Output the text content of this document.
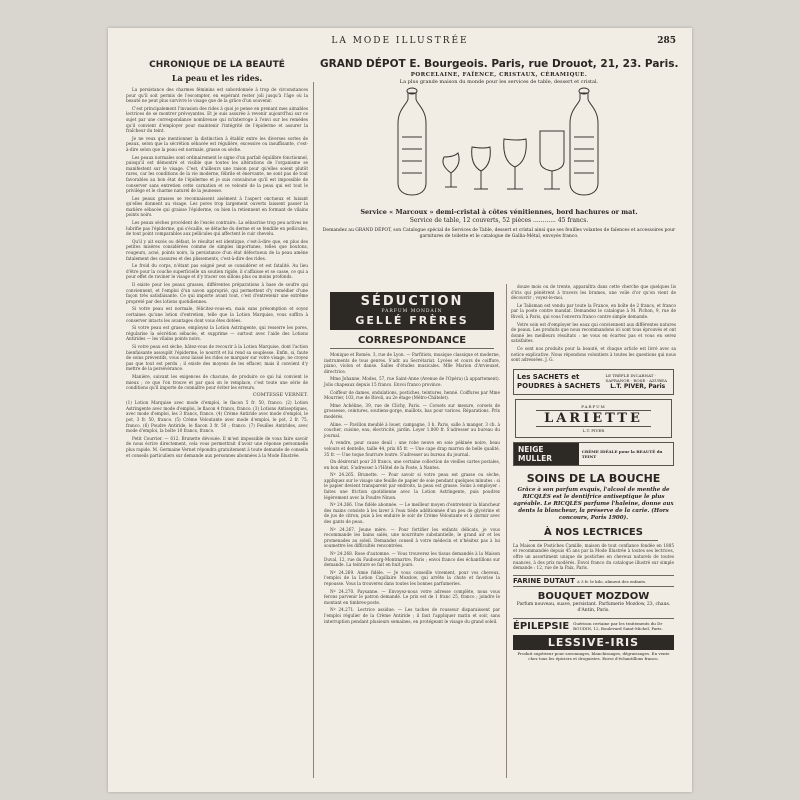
LA MODE ILLUSTRÉE	285
CHRONIQUE DE LA BEAUTÉ
La peau et les rides.

La persistance des charmes féminins est subordonnée à trop de circonstances pour qu'il soit permis de l'escompter, en espérant rester joli jusqu'à l'âge où la beauté ne peut plus survivre le visage que de la grâce d'un souvenir.

C'est principalement l'invasion des rides à quoi je pense en prenant mes aimables lectrices de se montrer prévoyantes. Et je suis assurée à revenir aujourd'hui sur ce sujet par une correspondance nombreuse qui m'interroge à l'envi sur les remèdes qu'il convient d'employer pour maintenir l'intégrité de l'épiderme et assurer la fraîcheur du teint.

Je ne veux que mentionner la distinction à établir entre les diverses sortes de peaux, selon que la sécrétion sébacée est régulière, excessive ou insuffisante, c'est-à-dire selon que la peau est normale, grasse ou sèche.

Les peaux normales sont ordinairement le signe d'un parfait équilibre fonctionnel, puisqu'il est démontré et visible que toutes les altérations de l'organisme se manifestent sur le visage. C'est, d'ailleurs une raison pour qu'elles soient plutôt rares, car les conditions de la vie moderne, fébrile et énervante, ne sont pas de tout favorables au bon état de l'épiderme et je suis convaincue qu'il est impossible de conserver sans entretien cette carnation et ce velouté de la peau qui est tout le privilège et le charme naturel de la jeunesse.

Les peaux grasses se reconnaissent aisément à l'aspect onctueux et luisant qu'elles donnent au visage. Les pores trop largement ouverts laissent passer la matière sébacée qui graisse l'épiderme, ou bien la retiennent en formant de vilains points noirs.

Les peaux sèches procèdent de l'excès contraire. La sébacrine trop peu actives ne lubrifie pas l'épiderme, qui s'écaille, se détache du derme et se fendille en pellicules, de tout point comparables aux pellicules qui affectent le cuir chevelu.

Qu'il y ait excès ou défaut, le résultat est identique, c'est-à-dire que, en plus des petites misères considérées comme de simples importunes, telles que boutons, rougeurs, acné, points noirs, la persistance d'un état défectueux de la peau amène fatalement des cassures et des plissements, c'est-à-dire des rides.

Le froid du corps, n'étant pas soigné peut se considérer et est fatalité. Au lieu d'être pour la couche superficielle un soutien rigide, il s'affaisse et se casse, ce qui a pour effet de raviner le visage et d'y tracer ces sillons plus ou moins profonds.

Il existe pour les peaux grasses, différentes préparations à base de soufre qui conviennent, et l'emploi d'un savon approprié, qui permettent d'y remédier d'une façon très satisfaisante. Ce qui importe avant tout, c'est d'entretenir une extrême propreté par des lotions quotidiennes.

Si votre peau est normale, félicitez-vous-en, mais sans présomption et soyez certaines qu'une lotion d'entretien, telle que la Lotion Marquise, vous suffira à conserver intacts les avantages dont vous êtes dotées.

Si votre peau est grasse, employez la Lotion Astringente, qui resserre les pores, régularise la sécrétion sébacée, et supprime — surtout avec l'aide des Lotions Antirides — les vilains points noirs.

Si votre peau est sèche, hâtez-vous de recourir à la Lotion Marquise, dont l'action bienfaisante assouplit l'épiderme, le nourrit et lui rend sa souplesse. Enfin, si, faute de soins préventifs, vous avez laissé les rides se marquer sur votre visage, ne croyez pas que tout est perdu ; il existe des moyens de les effacer, mais il convient d'y mettre de la persévérance.

Manière, suivant les exigences de chacune, de produire ce qui lui convient le mieux ; ce que l'on trouve et par quoi on le remplace, c'est toute une série de conditions qu'il importe de connaître pour éviter les erreurs.

COMTESSE VERNET.

(1) Lotion Marquise avec mode d'emploi, le flacon 5 fr. 50, franco. (2) Lotion Astringente avec mode d'emploi, le flacon 4 francs, franco. (3) Lotions Antiseptiques, avec mode d'emploi, les 3 francs, franco. (4) Crème Antiride avec mode d'emploi, le pot, 3 fr. 50, franco. (5) Crème Veloutante avec mode d'emploi, le pot, 2 fr. 75, franco. (6) Poudre Antiride, le flacon 3 fr. 50 ; franco. (7) Feuilles Antirides, avec mode d'emploi, la boîte 10 francs, franco.

Petit Courrier. — 612. Brunette dévouée. Il m'est impossible de vous faire savoir de nous écrire directement, cela vous permettrait d'avoir une réponse personnelle plus rapide. M. Germaine Vernet répondra gratuitement à toute demande de conseils et conseils particuliers sur demande aux personnes abonnées à la Mode Illustrée.

GRAND DÉPOT E. Bourgeois. Paris, rue Drouot, 21, 23. Paris.
PORCELAINE, FAÏENCE, CRISTAUX, CÉRAMIQUE.
La plus grande maison du monde pour les services de table, dessert et cristal.
Service « Marcoux » demi-cristal à côtes vénitiennes, bord hachures or mat.
Service de table, 12 couverts, 52 pièces ............ 45 francs.
Demandez au GRAND DÉPOT, son Catalogue spécial de Services de Table, dessert et cristal ainsi que ses feuilles volantes de faïences et accessoires pour garnitures de toilette et le catalogue de Gallia-Métal, envoyés franco.
SÉDUCTION
PARFUM MONDAIN
GELLÉ FRÈRES
CORRESPONDANCE

Monique et Roméo. 3, rue de Lyon. — Parfitiots, musique classique et moderne, instruments de tous genres. S'adr. au Secrétariat. Lycées et cours de coiffure, piano, violon et danse. Salles d'études musicales. Mlle Marion d'Arvieuxet, directrice.

Mme Johanne, Modes, 57, rue Saint-Anne (Avenue de l'Opéra) (à appartement). Jolis chapeaux depuis 15 francs. Envoi franco province.

Coiffeur de dames, ondulations, postiches, teintures, henné. Coiffures par Mme Mourrier, 103, rue de Rivoli, au 2e étage (Métro-Châtelet).

Mme Achéline, 39, rue de Clichy, Paris. — Corsets sur mesure, corsets de grossesse, ceintures, soutiens-gorge, maillots, bas pour varices. Réparations. Prix modérés.

Aline. — Pavillon meublé à louer, campagne, 3 h. Paris, salle à manger, 3 ch. à coucher, cuisine, eau, électricité, jardin. Loyer 1.800 fr. S'adresser au bureau du journal.

À vendre, pour cause deuil : une robe neuve en soie pékinée noire, beau velours et dentelle, taille 44, prix 85 fr. — Une cape drap marron de belle qualité, 35 fr. — Une toque fourrure loutre. S'adresser au bureau du journal.

On désirerait pour 20 francs, une certaine collection de vieilles cartes postales, en bon état. S'adresser à l'Hôtel de la Poste, à Nantes.

Nº 24.265. Brunette. — Pour savoir si votre peau est grasse ou sèche, appliquez sur le visage une feuille de papier de soie pendant quelques minutes : si le papier devient transparent par endroits, la peau est grasse. Soins à employer : faites une friction quotidienne avec la Lotion Astringente, puis poudrez légèrement avec la Poudre Ninon.

Nº 24.266. Une fidèle abonnée. — Le meilleur moyen d'entretenir la blancheur des mains consiste à les laver à l'eau tiède additionnée d'un peu de glycérine et de jus de citron, puis à les enduire le soir de Crème Veloutante et à dormir avec des gants de peau.

Nº 24.267. Jeune mère. — Pour fortifier les enfants délicats, je vous recommande les bains salés, une nourriture substantielle, le grand air et les promenades au soleil. Demandez conseil à votre médecin et n'hésitez pas à lui soumettre les difficultés rencontrées.

Nº 24.268. Rose d'automne. — Vous trouverez les tissus demandés à la Maison Duval, 12, rue du Faubourg-Montmartre, Paris ; envoi franco des échantillons sur demande. La teinture se fait en huit jours.

Nº 24.269. Amie fidèle. — Je vous conseille vivement, pour vos cheveux, l'emploi de la Lotion Capillaire Mozdow, qui arrête la chute et favorise la repousse. Vous la trouverez dans toutes les bonnes parfumeries.

Nº 24.270. Paysanne. — Envoyez-nous votre adresse complète, nous vous ferons parvenir le patron demandé. Le prix est de 1 franc 25, franco ; joindre le montant en timbres-poste.

Nº 24.271. Lectrice assidue. — Les taches de rousseur disparaissent par l'emploi régulier de la Crème Antiride ; il faut l'appliquer matin et soir, sans interruption pendant plusieurs semaines, en protégeant le visage du grand soleil.

douze mois ou de trente, apparaîtra dans cette cherche que quelques lis d'iris qui pénètrent à travers les brumes, une voile d'or qu'on vient de découvrir ; voyez-le-moi.

Le Talisman est vendu par toute la France, en boîte de 2 francs, et franco par la poste contre mandat. Demandez le catalogue à M. Pichon, 9, rue de Rivoli, à Paris, qui vous l'enverra franco contre simple demande.

Votre soin est d'employer les eaux qui conviennent aux différentes natures de peaux. Les produits que nous recommandons ici sont tous éprouvés et ont donné les meilleurs résultats : ne vous en écartez pas et vous en serez satisfaites.

Ce sont nos produits pour la beauté, et chaque article est livré avec sa notice explicative. Nous répondons volontiers à toutes les questions qui nous sont adressées. J. G.

Les SACHETS et POUDRES à SACHETS
LE TRÈFLE INCARNAT · SAFRANOR · ROSE · AZUREA
L.T. PIVER, Paris
PARFUM
LARIETTE
L.T. PIVER
NEIGE MULLER
CRÈME IDÉALE pour la BEAUTÉ du TEINT
SOINS DE LA BOUCHE
Grâce à son parfum exquis, l'alcool de menthe de RICQLÈS est le dentifrice antiseptique le plus agréable. Le RICQLÈS parfume l'haleine, donne aux dents la blancheur, la préserve de la carie. (Hors concours, Paris 1900).
À NOS LECTRICES
La Maison de Postiches Camille, maison de tout confiance fondée en 1885 et recommandée depuis 45 ans par la Mode Illustrée à toutes ses lectrices, offre un assortiment unique de postiches en cheveux naturels de toutes nuances, à des prix modérés. Envoi franco du catalogue illustré sur simple demande : 12, rue de la Paix, Paris.
FARINE DUTAUT à 3 fr. le kilo, aliment des enfants.
BOUQUET MOZDOW
Parfum nouveau, suave, persistant. Parfumerie Mozdow, 23, chaus. d'Antin, Paris.
ÉPILEPSIE Guérison certaine par les traitements du Dr BOUDIN, 12, Boulevard Saint-Michel, Paris.
LESSIVE-IRIS
Produit supérieur pour savonnages, blanchissages, dégraissages. En vente chez tous les épiciers et droguistes. Envoi d'échantillons franco.
